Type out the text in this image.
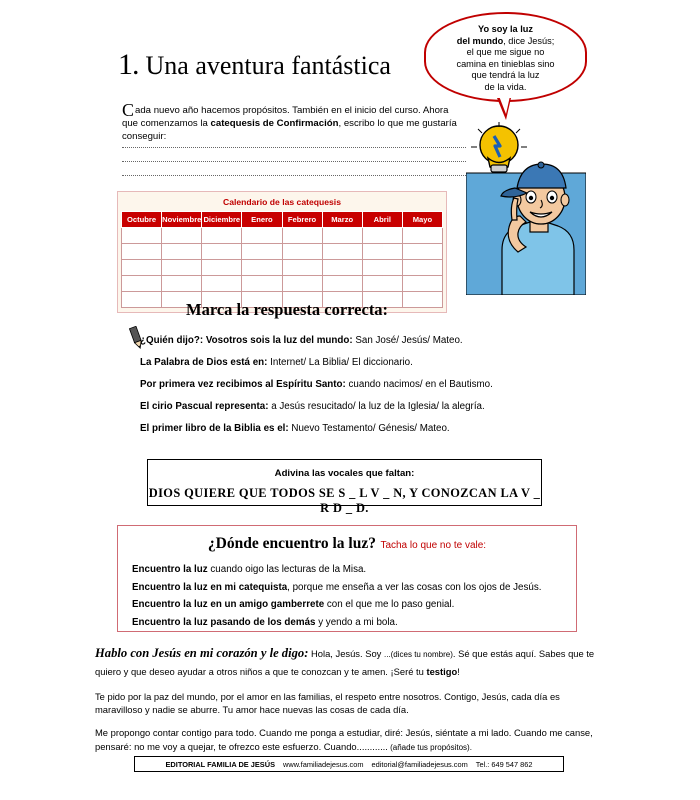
1. Una aventura fantástica
Yo soy la luz
del mundo, dice Jesús;
el que me sigue no
camina en tinieblas sino
que tendrá la luz
de la vida.
Cada nuevo año hacemos propósitos. También en el inicio del curso. Ahora que comenzamos la catequesis de Confirmación, escribo lo que me gustaría conseguir:
Calendario de las catequesis
Octubre	Noviembre	Diciembre	Enero	Febrero	Marzo	Abril	Mayo

Marca la respuesta correcta:
¿Quién dijo?: Vosotros sois la luz del mundo: San José/ Jesús/ Mateo.
La Palabra de Dios está en: Internet/ La Biblia/ El diccionario.
Por primera vez recibimos al Espíritu Santo: cuando nacimos/ en el Bautismo.
El cirio Pascual representa: a Jesús resucitado/ la luz de la Iglesia/ la alegría.
El primer libro de la Biblia es el: Nuevo Testamento/ Génesis/ Mateo.
Adivina las vocales que faltan:
DIOS QUIERE QUE TODOS SE S _ L V _ N, Y CONOZCAN LA V _ R D _ D.
¿Dónde encuentro la luz? Tacha lo que no te vale:
Encuentro la luz cuando oigo las lecturas de la Misa.
Encuentro la luz en mi catequista, porque me enseña a ver las cosas con los ojos de Jesús.
Encuentro la luz en un amigo gamberrete con el que me lo paso genial.
Encuentro la luz pasando de los demás y yendo a mi bola.

Hablo con Jesús en mi corazón y le digo: Hola, Jesús. Soy ...(dices tu nombre). Sé que estás aquí. Sabes que te quiero y que deseo ayudar a otros niños a que te conozcan y te amen. ¡Seré tu testigo!

Te pido por la paz del mundo, por el amor en las familias, el respeto entre nosotros. Contigo, Jesús, cada día es maravilloso y nadie se aburre. Tu amor hace nuevas las cosas de cada día.

Me propongo contar contigo para todo. Cuando me ponga a estudiar, diré: Jesús, siéntate a mi lado. Cuando me canse, pensaré: no me voy a quejar, te ofrezco este esfuerzo. Cuando............ (añade tus propósitos).

EDITORIAL FAMILIA DE JESÚS www.familiadejesus.com editorial@familiadejesus.com Tel.: 649 547 862
